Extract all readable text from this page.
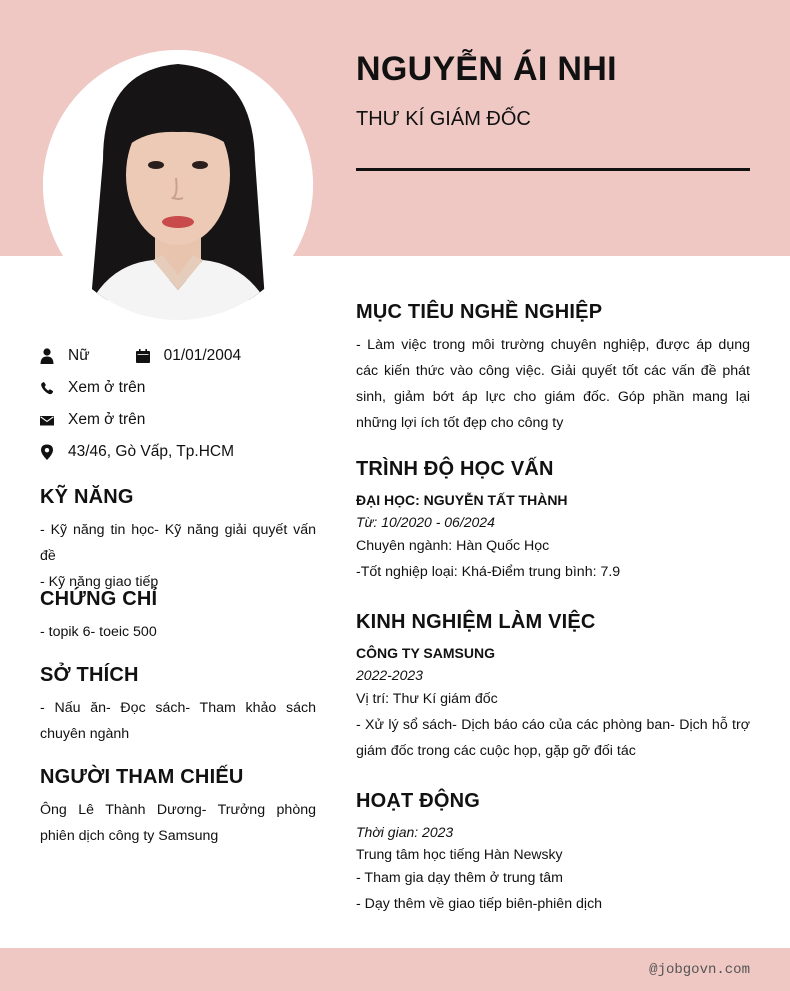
NGUYỄN ÁI NHI
THƯ KÍ GIÁM ĐỐC
Nữ	01/01/2004
Xem ở trên
Xem ở trên
43/46, Gò Vấp, Tp.HCM
KỸ NĂNG
- Kỹ năng tin học- Kỹ năng giải quyết vấn đề
- Kỹ năng giao tiếp
CHỨNG CHỈ
- topik 6- toeic 500
SỞ THÍCH
- Nấu ăn- Đọc sách- Tham khảo sách chuyên ngành
NGƯỜI THAM CHIẾU
Ông Lê Thành Dương- Trưởng phòng phiên dịch công ty Samsung
MỤC TIÊU NGHỀ NGHIỆP
- Làm việc trong môi trường chuyên nghiệp, được áp dụng các kiến thức vào công việc. Giải quyết tốt các vấn đề phát sinh, giảm bớt áp lực cho giám đốc. Góp phần mang lại những lợi ích tốt đẹp cho công ty
TRÌNH ĐỘ HỌC VẤN
ĐẠI HỌC: NGUYỄN TẤT THÀNH
Từ: 10/2020 - 06/2024
Chuyên ngành: Hàn Quốc Học
-Tốt nghiệp loại: Khá-Điểm trung bình: 7.9
KINH NGHIỆM LÀM VIỆC
CÔNG TY SAMSUNG
2022-2023
Vị trí: Thư Kí giám đốc
- Xử lý sổ sách- Dịch báo cáo của các phòng ban- Dịch hỗ trợ giám đốc trong các cuộc họp, gặp gỡ đối tác
HOẠT ĐỘNG
Thời gian: 2023
Trung tâm học tiếng Hàn Newsky
- Tham gia dạy thêm ở trung tâm
- Dạy thêm về giao tiếp biên-phiên dịch
@jobgovn.com
